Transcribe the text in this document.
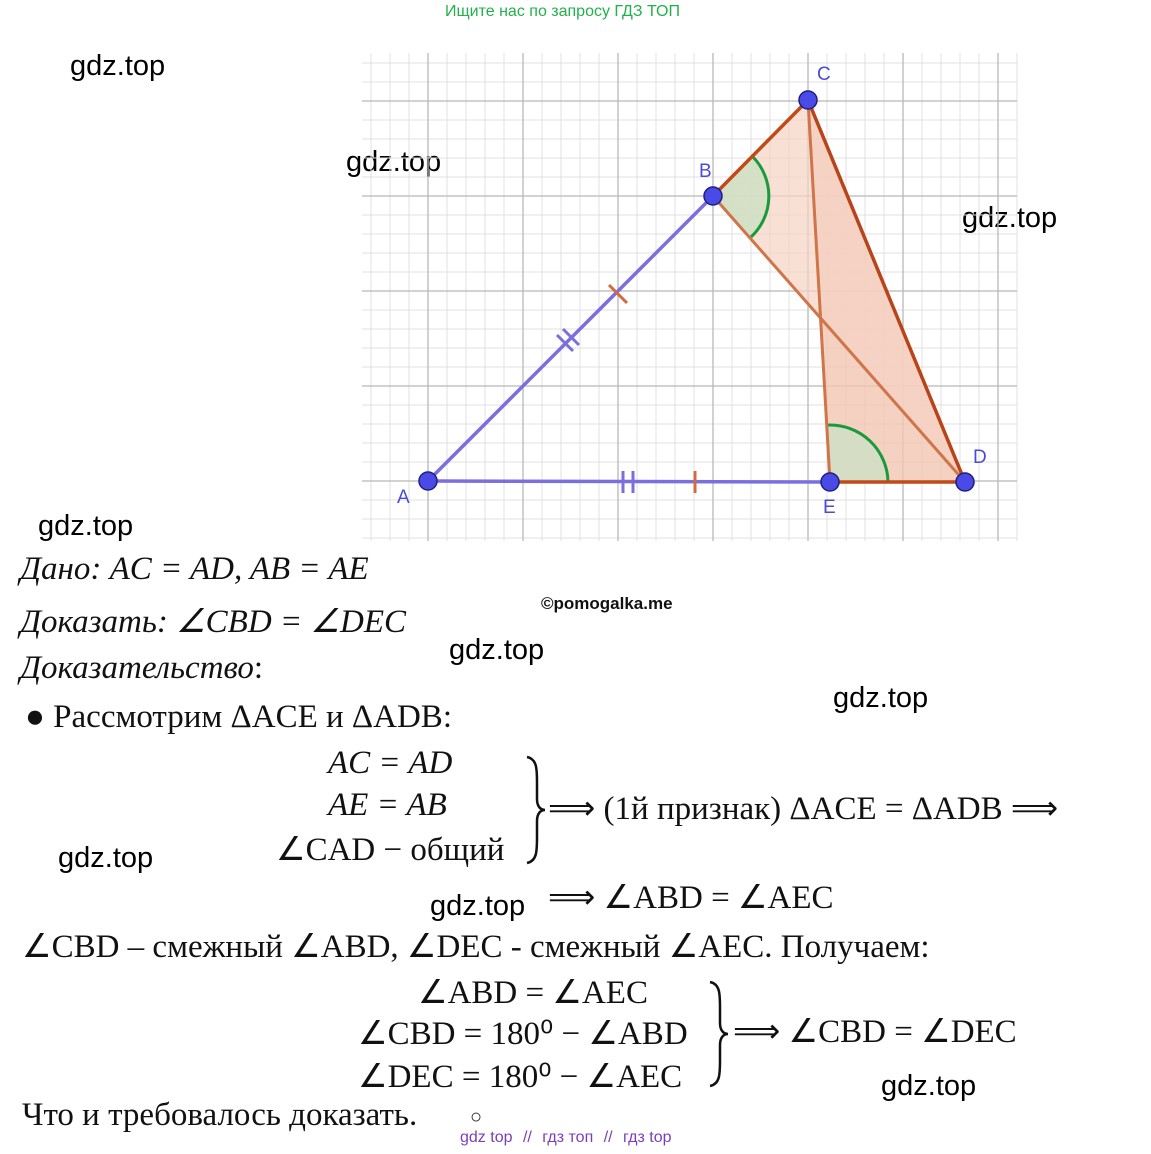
Ищите нас по запросу ГДЗ ТОП
gdz.top
gdz.top
gdz.top
gdz.top
gdz.top
gdz.top
gdz.top
gdz.top
gdz.top
©pomogalka.me
A
B
C
D
E
Дано: AC = AD, AB = AE
Доказать: ∠CBD = ∠DEC
Доказательство:
● Рассмотрим ΔACE и ΔADB:
AC = AD
AE = AB
∠CAD − общий
⟹ (1й признак) ΔACE = ΔADB ⟹
⟹ ∠ABD = ∠AEC
∠CBD – смежный ∠ABD, ∠DEC - смежный ∠AEC. Получаем:
∠ABD = ∠AEC
∠CBD = 180⁰ − ∠ABD
∠DEC = 180⁰ − ∠AEC
⟹ ∠CBD = ∠DEC
Что и требовалось доказать.	○
gdz top // гдз топ // гдз top
